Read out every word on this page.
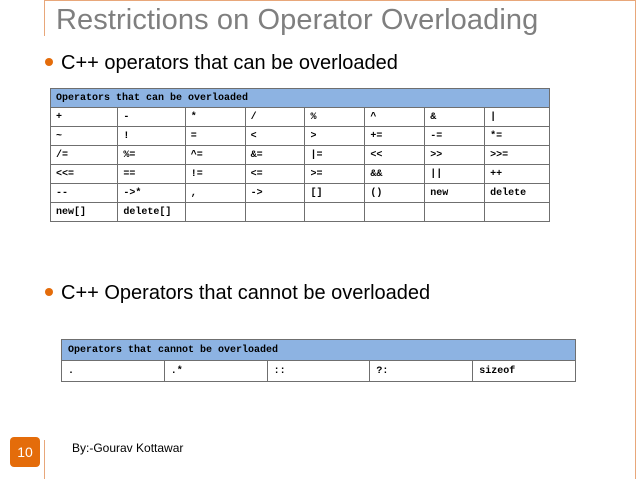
Restrictions on Operator Overloading
C++ operators that can be overloaded
Operators that can be overloaded							
+	-	*	/	%	^	&	|
~	!	=	<	>	+=	-=	*=
/=	%=	^=	&=	|=	<<	>>	>>=
<<=	==	!=	<=	>=	&&	||	++
--	->*	,	->	[]	()	new	delete
new[]	delete[]						
C++ Operators that cannot be overloaded
Operators that cannot be overloaded
.	.*	::	?:	sizeof
10	By:-Gourav Kottawar
